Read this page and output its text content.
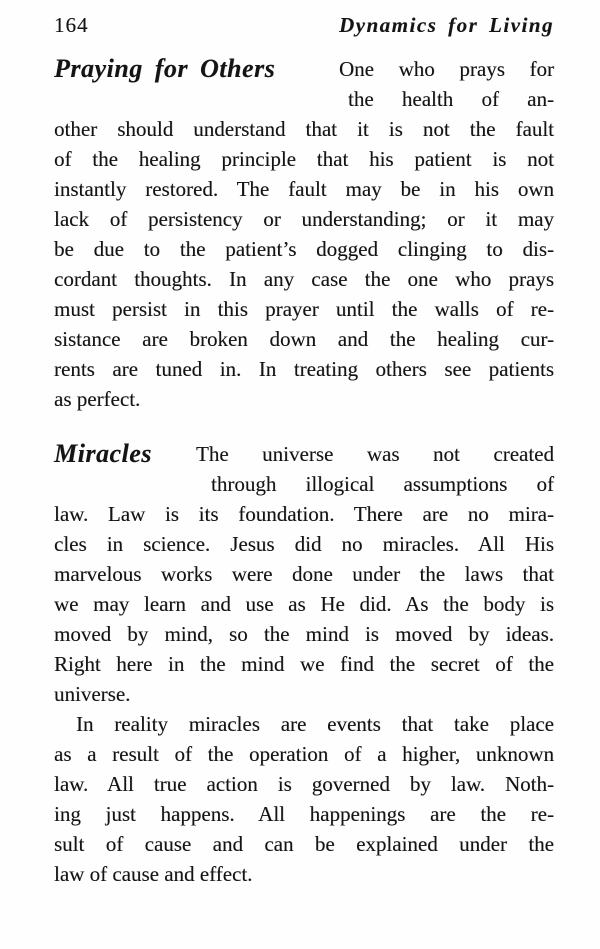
164	Dynamics for Living
Praying for Others	One who prays for
the health of an-
other should understand that it is not the fault
of the healing principle that his patient is not
instantly restored. The fault may be in his own
lack of persistency or understanding; or it may
be due to the patient’s dogged clinging to dis-
cordant thoughts. In any case the one who prays
must persist in this prayer until the walls of re-
sistance are broken down and the healing cur-
rents are tuned in. In treating others see patients
as perfect.
Miracles	The universe was not created
through illogical assumptions of
law. Law is its foundation. There are no mira-
cles in science. Jesus did no miracles. All His
marvelous works were done under the laws that
we may learn and use as He did. As the body is
moved by mind, so the mind is moved by ideas.
Right here in the mind we find the secret of the
universe.
In reality miracles are events that take place
as a result of the operation of a higher, unknown
law. All true action is governed by law. Noth-
ing just happens. All happenings are the re-
sult of cause and can be explained under the
law of cause and effect.
